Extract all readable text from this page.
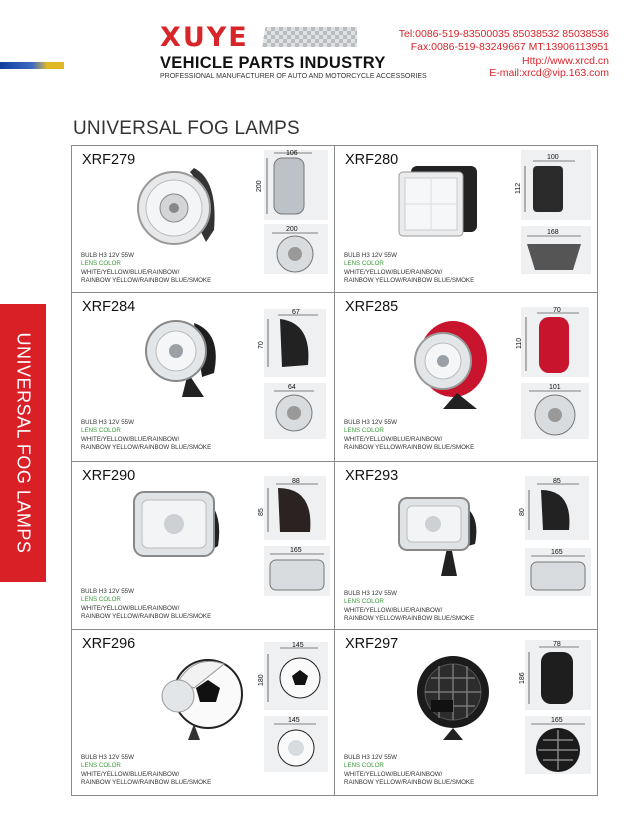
XUYE
VEHICLE PARTS INDUSTRY
PROFESSIONAL MANUFACTURER OF AUTO AND MOTORCYCLE ACCESSORIES
Tel:0086-519-83500035 85038532 85038536
Fax:0086-519-83249667 MT:13906113951
Http://www.xrcd.cn
E-mail:xrcd@vip.163.com
UNIVERSAL FOG LAMPS
UNIVERSAL FOG LAMPS
XRF279	106
200
200
BULB H3 12V 55W
LENS COLOR
WHITE/YELLOW/BLUE/RAINBOW/
RAINBOW YELLOW/RAINBOW BLUE/SMOKE
XRF280	100
112
168
BULB H3 12V 55W
LENS COLOR
WHITE/YELLOW/BLUE/RAINBOW/
RAINBOW YELLOW/RAINBOW BLUE/SMOKE
XRF284	67
70
64
BULB H3 12V 55W
LENS COLOR
WHITE/YELLOW/BLUE/RAINBOW/
RAINBOW YELLOW/RAINBOW BLUE/SMOKE
XRF285	70
110
101
BULB H3 12V 55W
LENS COLOR
WHITE/YELLOW/BLUE/RAINBOW/
RAINBOW YELLOW/RAINBOW BLUE/SMOKE
XRF290	88
85
165
BULB H3 12V 55W
LENS COLOR
WHITE/YELLOW/BLUE/RAINBOW/
RAINBOW YELLOW/RAINBOW BLUE/SMOKE
XRF293	85
80
165
BULB H3 12V 55W
LENS COLOR
WHITE/YELLOW/BLUE/RAINBOW/
RAINBOW YELLOW/RAINBOW BLUE/SMOKE
XRF296	145
180
145
BULB H3 12V 55W
LENS COLOR
WHITE/YELLOW/BLUE/RAINBOW/
RAINBOW YELLOW/RAINBOW BLUE/SMOKE
XRF297	78
186
165
BULB H3 12V 55W
LENS COLOR
WHITE/YELLOW/BLUE/RAINBOW/
RAINBOW YELLOW/RAINBOW BLUE/SMOKE
